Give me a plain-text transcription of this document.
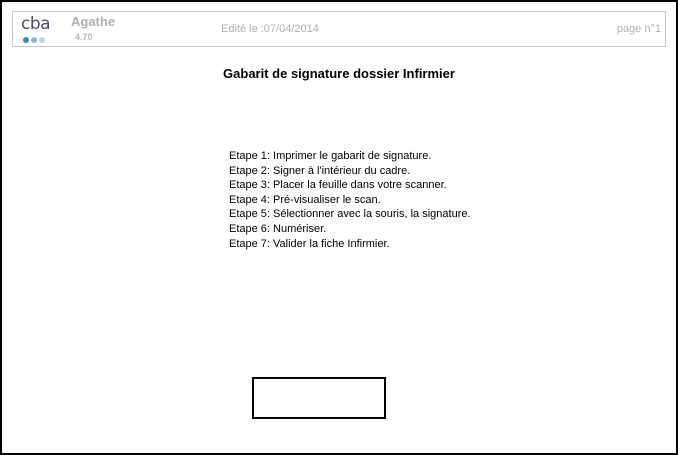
cba Agathe
4.70
Edité le :07/04/2014	page n°1
Gabarit de signature dossier Infirmier
Etape 1: Imprimer le gabarit de signature.
Etape 2: Signer à l'intérieur du cadre.
Etape 3: Placer la feuille dans votre scanner.
Etape 4: Pré-visualiser le scan.
Etape 5: Sélectionner avec la souris, la signature.
Etape 6: Numériser.
Etape 7: Valider la fiche Infirmier.
